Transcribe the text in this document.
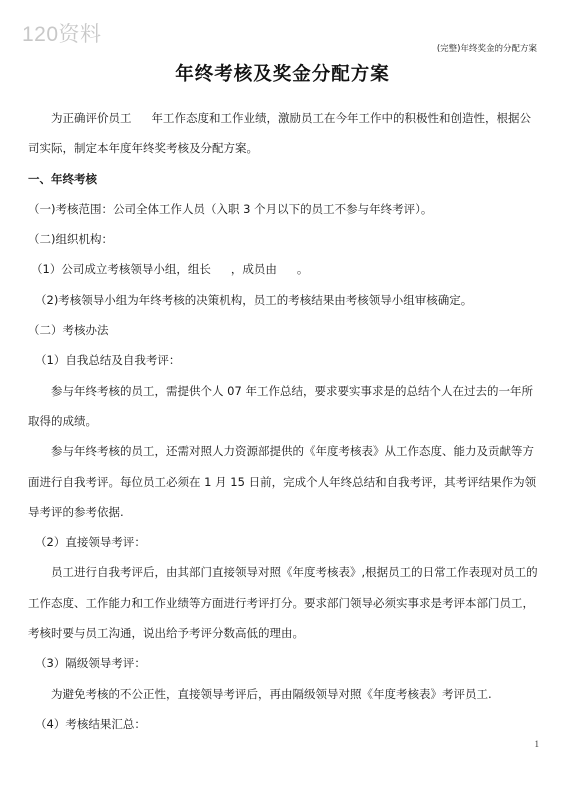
120资料
(完整)年终奖金的分配方案
年终考核及奖金分配方案

为正确评价员工 年工作态度和工作业绩，激励员工在今年工作中的积极性和创造性，根据公司实际，制定本年度年终奖考核及分配方案。

一、年终考核

（一)考核范围：公司全体工作人员（入职 3 个月以下的员工不参与年终考评）。

（二)组织机构：

（1）公司成立考核领导小组，组长 ，成员由 。

（2)考核领导小组为年终考核的决策机构，员工的考核结果由考核领导小组审核确定。

（二）考核办法

（1）自我总结及自我考评：

参与年终考核的员工，需提供个人 07 年工作总结，要求要实事求是的总结个人在过去的一年所取得的成绩。

参与年终考核的员工，还需对照人力资源部提供的《年度考核表》从工作态度、能力及贡献等方面进行自我考评。每位员工必须在 1 月 15 日前，完成个人年终总结和自我考评，其考评结果作为领导考评的参考依据.

（2）直接领导考评：

员工进行自我考评后，由其部门直接领导对照《年度考核表》,根据员工的日常工作表现对员工的工作态度、工作能力和工作业绩等方面进行考评打分。要求部门领导必须实事求是考评本部门员工，考核时要与员工沟通，说出给予考评分数高低的理由。

（3）隔级领导考评：

为避免考核的不公正性，直接领导考评后，再由隔级领导对照《年度考核表》考评员工.

（4）考核结果汇总：

1
